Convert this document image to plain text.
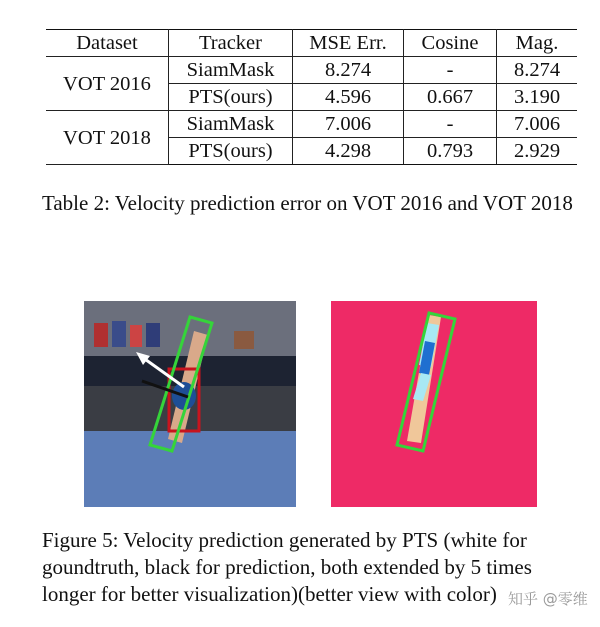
Dataset	Tracker	MSE Err.	Cosine	Mag.
VOT 2016	SiamMask	8.274	-	8.274
	PTS(ours)	4.596	0.667	3.190
VOT 2018	SiamMask	7.006	-	7.006
	PTS(ours)	4.298	0.793	2.929

Table 2: Velocity prediction error on VOT 2016 and VOT 2018

Figure 5: Velocity prediction generated by PTS (white for goundtruth, black for prediction, both extended by 5 times longer for better visualization)(better view with color) 知乎 @零维
